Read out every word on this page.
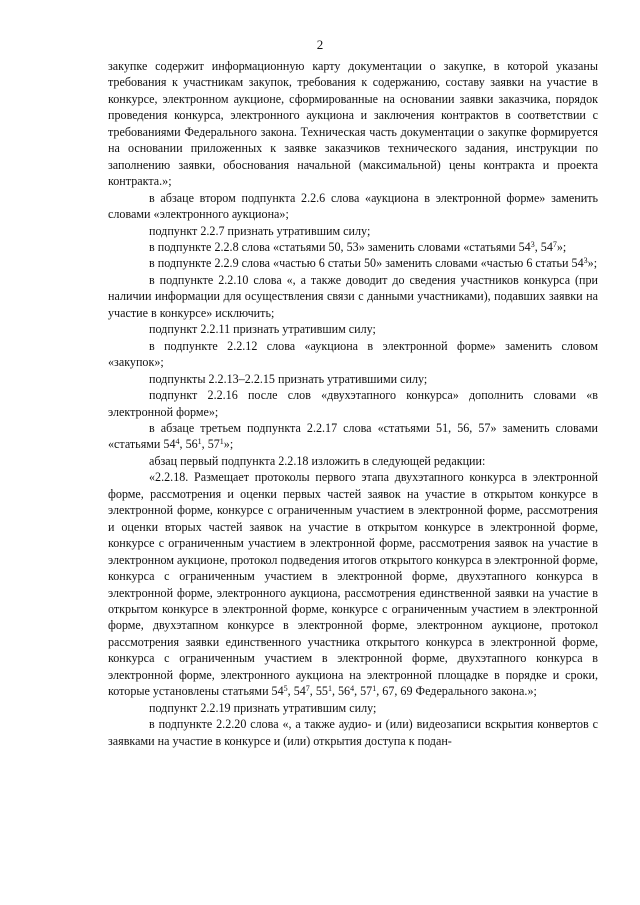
2

закупке содержит информационную карту документации о закупке, в которой указаны требования к участникам закупок, требования к содержанию, составу заявки на участие в конкурсе, электронном аукционе, сформированные на основании заявки заказчика, порядок проведения конкурса, электронного аукциона и заключения контрактов в соответствии с требованиями Федерального закона. Техническая часть документации о закупке формируется на основании приложенных к заявке заказчиков технического задания, инструкции по заполнению заявки, обоснования начальной (максимальной) цены контракта и проекта контракта.»;

в абзаце втором подпункта 2.2.6 слова «аукциона в электронной форме» заменить словами «электронного аукциона»;

подпункт 2.2.7 признать утратившим силу;

в подпункте 2.2.8 слова «статьями 50, 53» заменить словами «статьями $54^3$, $54^7$»;

в подпункте 2.2.9 слова «частью 6 статьи 50» заменить словами «частью 6 статьи $54^3$»;

в подпункте 2.2.10 слова «, а также доводит до сведения участников конкурса (при наличии информации для осуществления связи с данными участниками), подавших заявки на участие в конкурсе» исключить;

подпункт 2.2.11 признать утратившим силу;

в подпункте 2.2.12 слова «аукциона в электронной форме» заменить словом «закупок»;

подпункты 2.2.13–2.2.15 признать утратившими силу;

подпункт 2.2.16 после слов «двухэтапного конкурса» дополнить словами «в электронной форме»;

в абзаце третьем подпункта 2.2.17 слова «статьями 51, 56, 57» заменить словами «статьями $54^4$, $56^1$, $57^1$»;

абзац первый подпункта 2.2.18 изложить в следующей редакции:

«2.2.18. Размещает протоколы первого этапа двухэтапного конкурса в электронной форме, рассмотрения и оценки первых частей заявок на участие в открытом конкурсе в электронной форме, конкурсе с ограниченным участием в электронной форме, рассмотрения и оценки вторых частей заявок на участие в открытом конкурсе в электронной форме, конкурсе с ограниченным участием в электронной форме, рассмотрения заявок на участие в электронном аукционе, протокол подведения итогов открытого конкурса в электронной форме, конкурса с ограниченным участием в электронной форме, двухэтапного конкурса в электронной форме, электронного аукциона, рассмотрения единственной заявки на участие в открытом конкурсе в электронной форме, конкурсе с ограниченным участием в электронной форме, двухэтапном конкурсе в электронной форме, электронном аукционе, протокол рассмотрения заявки единственного участника открытого конкурса в электронной форме, конкурса с ограниченным участием в электронной форме, двухэтапного конкурса в электронной форме, электронного аукциона на электронной площадке в порядке и сроки, которые установлены статьями $54^5$, $54^7$, $55^1$, $56^4$, $57^1$, 67, 69 Федерального закона.»;

подпункт 2.2.19 признать утратившим силу;

в подпункте 2.2.20 слова «, а также аудио- и (или) видеозаписи вскрытия конвертов с заявками на участие в конкурсе и (или) открытия доступа к подан-
